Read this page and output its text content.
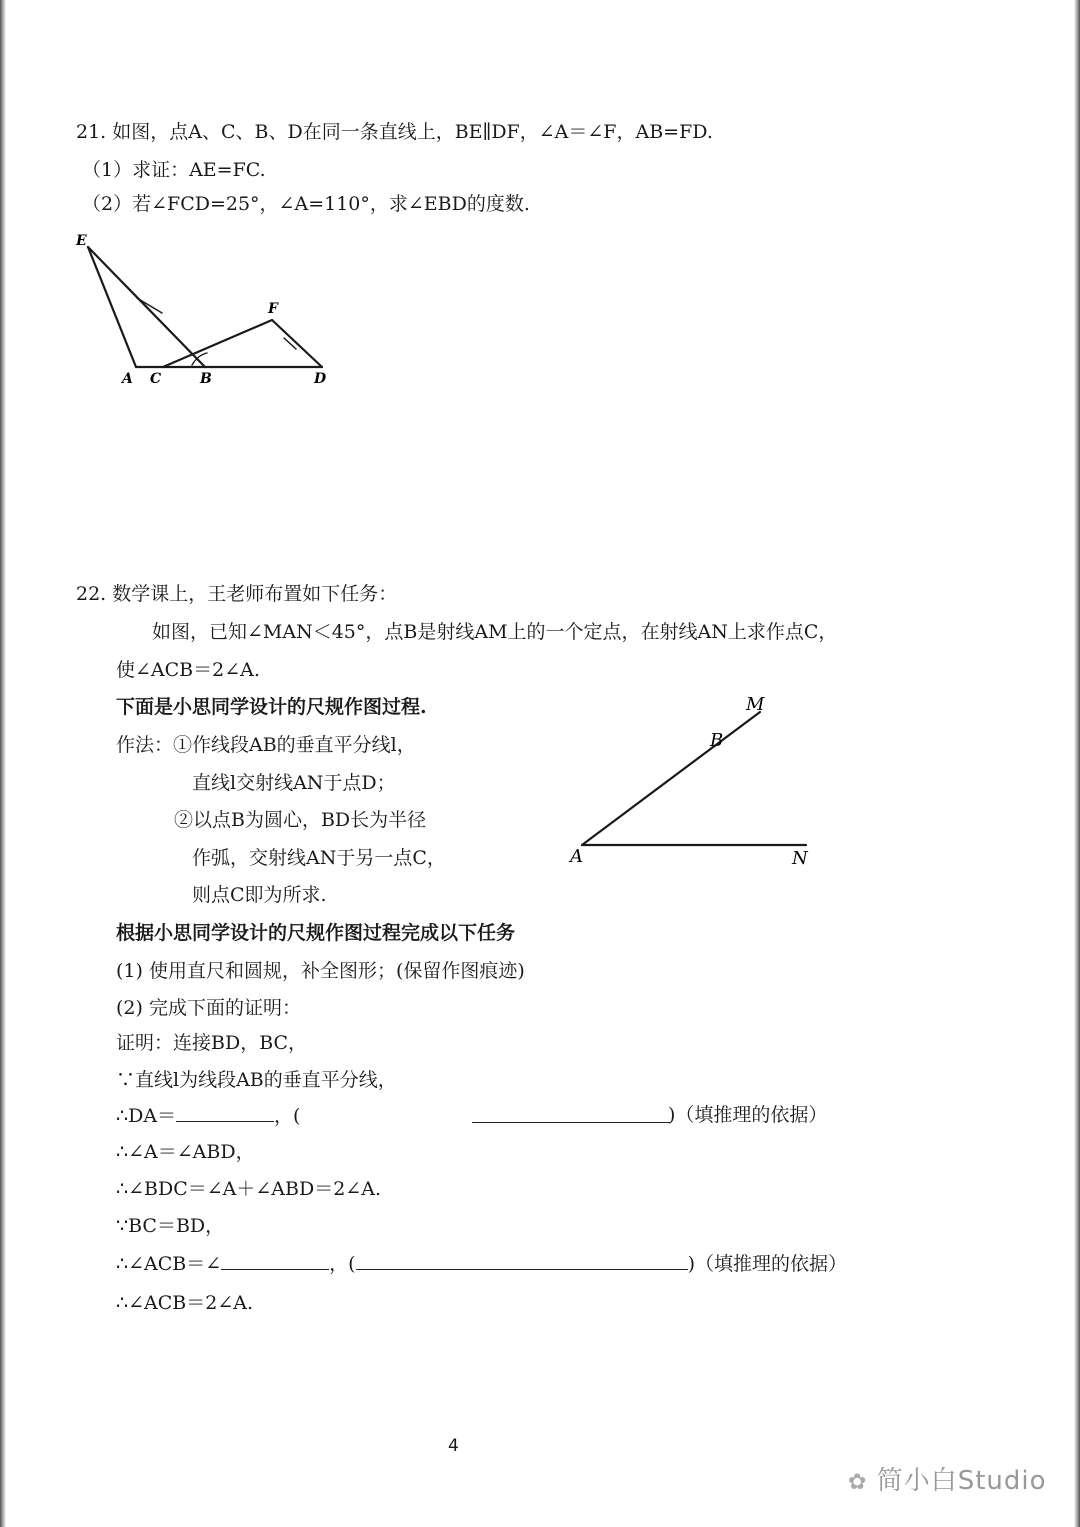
21. 如图，点A、C、B、D在同一条直线上，BE∥DF，∠A＝∠F，AB=FD.
（1）求证：AE=FC.
（2）若∠FCD=25°，∠A=110°，求∠EBD的度数.
E
F
A C	B	D
22. 数学课上，王老师布置如下任务：
如图，已知∠MAN＜45°，点B是射线AM上的一个定点，在射线AN上求作点C，
使∠ACB＝2∠A.
下面是小思同学设计的尺规作图过程.
作法：①作线段AB的垂直平分线l，
直线l交射线AN于点D；
②以点B为圆心，BD长为半径
作弧，交射线AN于另一点C，
则点C即为所求.
M
B
A	N
根据小思同学设计的尺规作图过程完成以下任务
(1) 使用直尺和圆规，补全图形；(保留作图痕迹)
(2) 完成下面的证明：
证明：连接BD，BC，
∵直线l为线段AB的垂直平分线，
∴DA＝	，(	)（填推理的依据）
∴∠A＝∠ABD，
∴∠BDC＝∠A＋∠ABD＝2∠A.
∵BC＝BD，
∴∠ACB＝∠	，(	)（填推理的依据）
∴∠ACB＝2∠A.
4
✿ 简小白Studio
